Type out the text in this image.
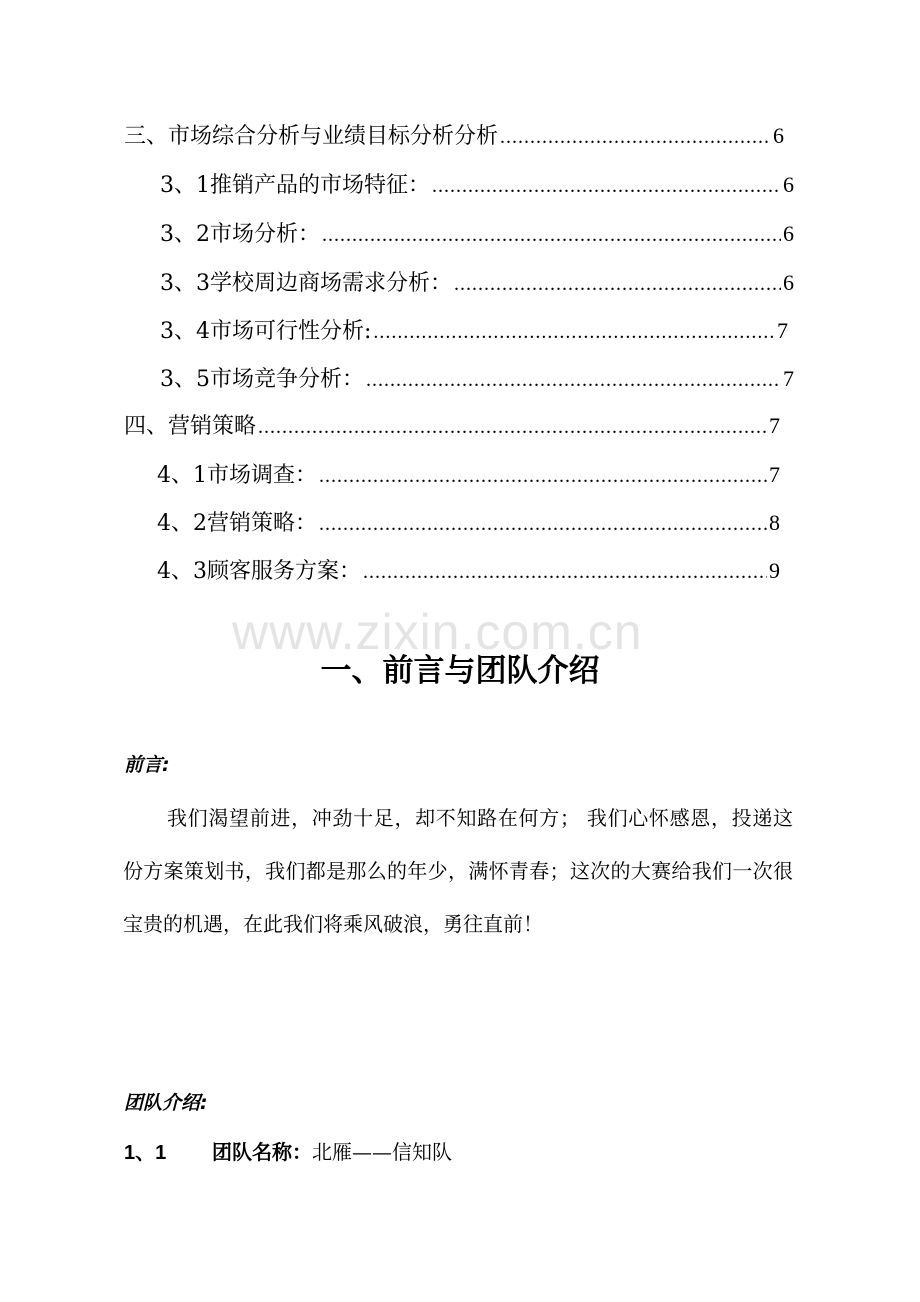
三、市场综合分析与业绩目标分析分析 .....	6
3、1 推销产品的市场特征： .....	6
3、2 市场分析： .....	6
3、3 学校周边商场需求分析： .....	6
3、4 市场可行性分析: .....	7
3、5 市场竞争分析： .....	7
四、营销策略 .....	7
4、1 市场调查： .....	7
4、2 营销策略： .....	8
4、3 顾客服务方案： .....	9
www.zixin.com.cn
一、前言与团队介绍
前言:
我们渴望前进，冲劲十足，却不知路在何方； 我们心怀感恩，投递这份方案策划书，我们都是那么的年少，满怀青春；这次的大赛给我们一次很宝贵的机遇，在此我们将乘风破浪，勇往直前！
团队介绍:
1、1	团队名称： 北雁——信知队
